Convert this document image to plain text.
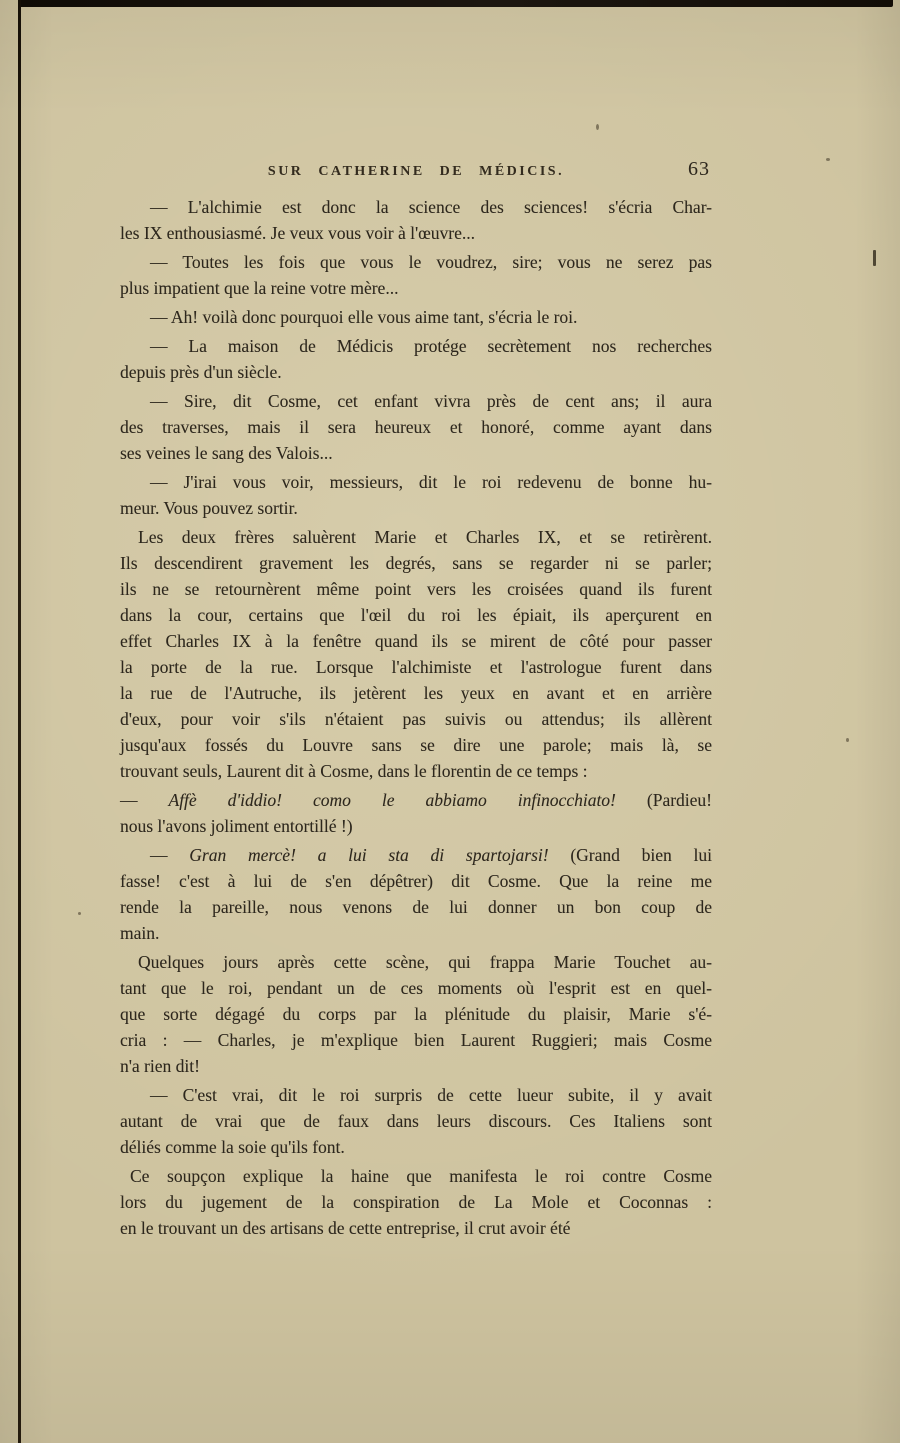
SUR CATHERINE DE MÉDICIS.	63

— L'alchimie est donc la science des sciences! s'écria Char-
les IX enthousiasmé. Je veux vous voir à l'œuvre...

— Toutes les fois que vous le voudrez, sire; vous ne serez pas
plus impatient que la reine votre mère...

— Ah! voilà donc pourquoi elle vous aime tant, s'écria le roi.

— La maison de Médicis protége secrètement nos recherches
depuis près d'un siècle.

— Sire, dit Cosme, cet enfant vivra près de cent ans; il aura
des traverses, mais il sera heureux et honoré, comme ayant dans
ses veines le sang des Valois...

— J'irai vous voir, messieurs, dit le roi redevenu de bonne hu-
meur. Vous pouvez sortir.

Les deux frères saluèrent Marie et Charles IX, et se retirèrent.
Ils descendirent gravement les degrés, sans se regarder ni se parler;
ils ne se retournèrent même point vers les croisées quand ils furent
dans la cour, certains que l'œil du roi les épiait, ils aperçurent en
effet Charles IX à la fenêtre quand ils se mirent de côté pour passer
la porte de la rue. Lorsque l'alchimiste et l'astrologue furent dans
la rue de l'Autruche, ils jetèrent les yeux en avant et en arrière
d'eux, pour voir s'ils n'étaient pas suivis ou attendus; ils allèrent
jusqu'aux fossés du Louvre sans se dire une parole; mais là, se
trouvant seuls, Laurent dit à Cosme, dans le florentin de ce temps :

— Affè d'iddio! como le abbiamo infinocchiato! (Pardieu!
nous l'avons joliment entortillé !)

— Gran mercè! a lui sta di spartojarsi! (Grand bien lui
fasse! c'est à lui de s'en dépêtrer) dit Cosme. Que la reine me
rende la pareille, nous venons de lui donner un bon coup de
main.

Quelques jours après cette scène, qui frappa Marie Touchet au-
tant que le roi, pendant un de ces moments où l'esprit est en quel-
que sorte dégagé du corps par la plénitude du plaisir, Marie s'é-
cria : — Charles, je m'explique bien Laurent Ruggieri; mais Cosme
n'a rien dit!

— C'est vrai, dit le roi surpris de cette lueur subite, il y avait
autant de vrai que de faux dans leurs discours. Ces Italiens sont
déliés comme la soie qu'ils font.

Ce soupçon explique la haine que manifesta le roi contre Cosme
lors du jugement de la conspiration de La Mole et Coconnas :
en le trouvant un des artisans de cette entreprise, il crut avoir été
